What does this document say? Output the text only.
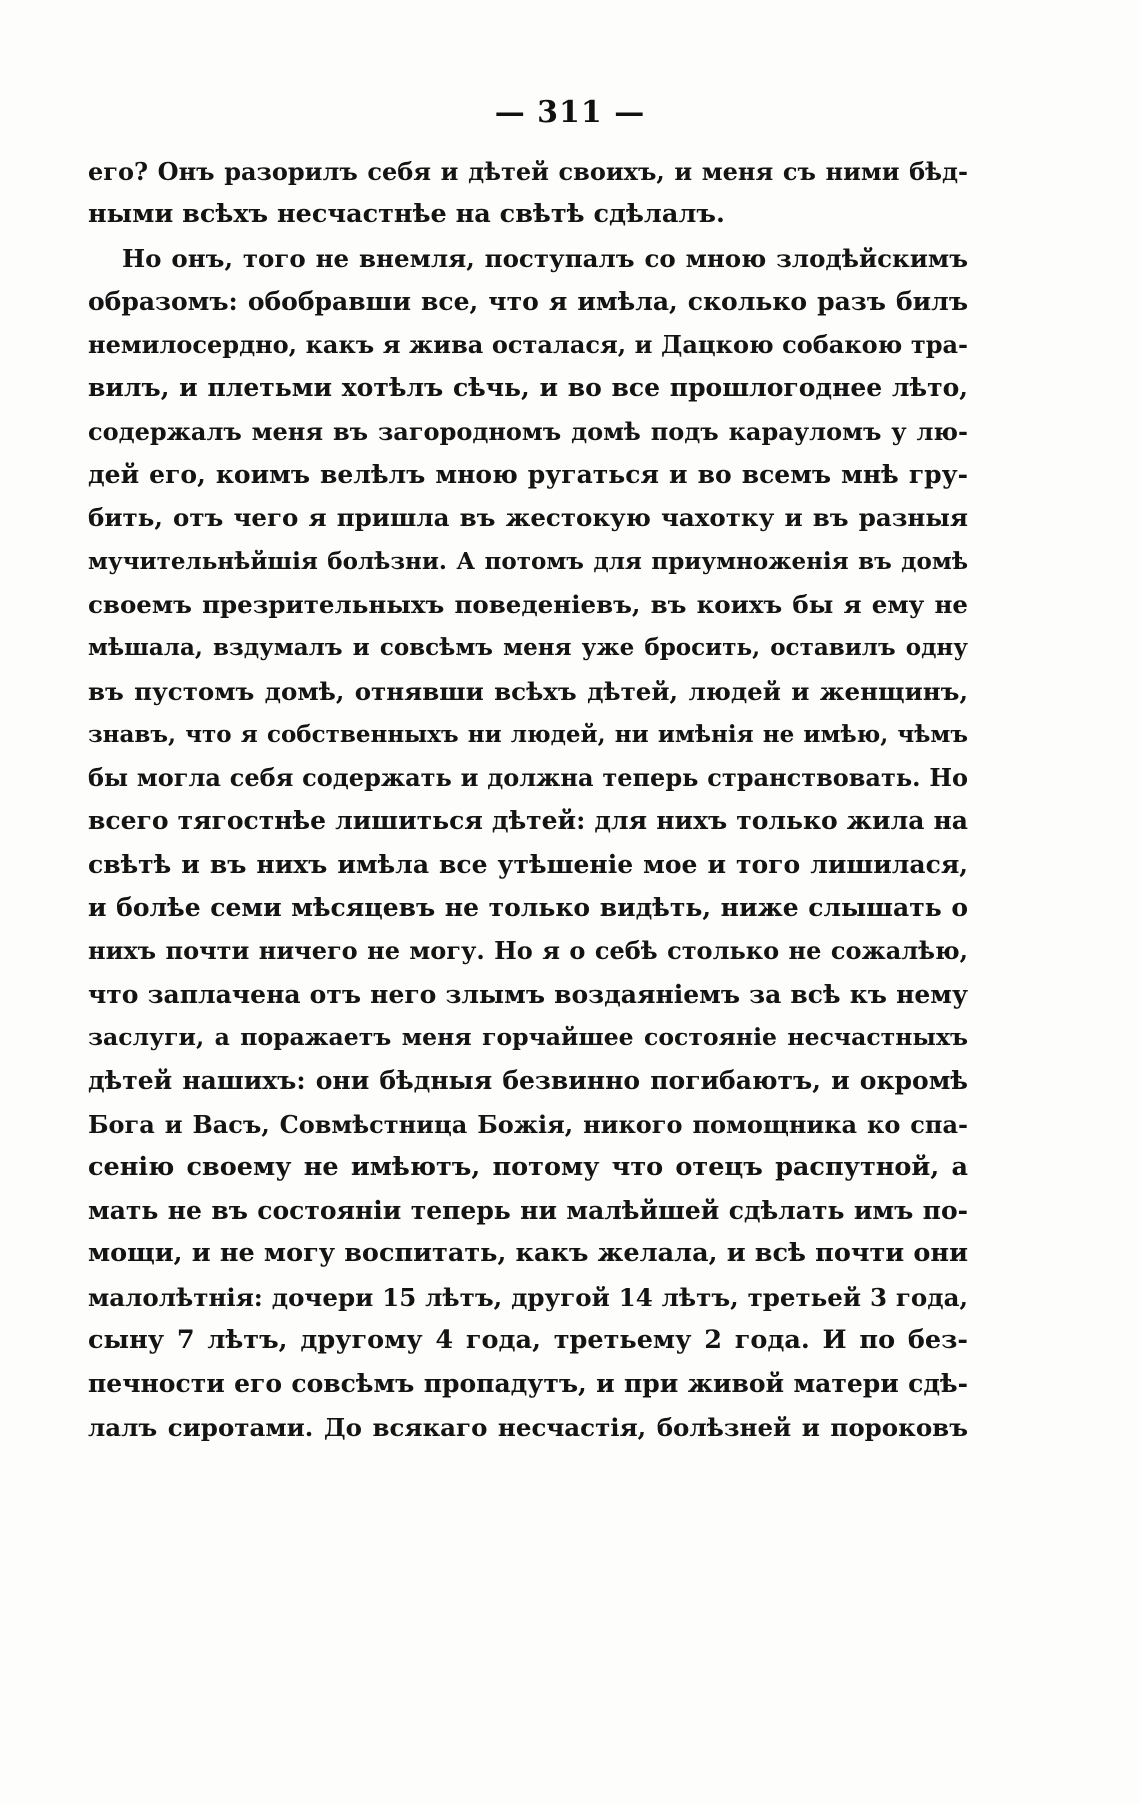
— 311 —
его? Онъ разорилъ себя и дѣтей своихъ, и меня съ ними бѣд-
ными всѣхъ несчастнѣе на свѣтѣ сдѣлалъ.
Но онъ, того не внемля, поступалъ со мною злодѣйскимъ
образомъ: обобравши все, что я имѣла, сколько разъ билъ
немилосердно, какъ я жива осталася, и Дацкою собакою тра-
вилъ, и плетьми хотѣлъ сѣчь, и во все прошлогоднее лѣто,
содержалъ меня въ загородномъ домѣ подъ карауломъ у лю-
дей его, коимъ велѣлъ мною ругаться и во всемъ мнѣ гру-
бить, отъ чего я пришла въ жестокую чахотку и въ разныя
мучительнѣйшія болѣзни. А потомъ для приумноженія въ домѣ
своемъ презрительныхъ поведеніевъ, въ коихъ бы я ему не
мѣшала, вздумалъ и совсѣмъ меня уже бросить, оставилъ одну
въ пустомъ домѣ, отнявши всѣхъ дѣтей, людей и женщинъ,
знавъ, что я собственныхъ ни людей, ни имѣнія не имѣю, чѣмъ
бы могла себя содержать и должна теперь странствовать. Но
всего тягостнѣе лишиться дѣтей: для нихъ только жила на
свѣтѣ и въ нихъ имѣла все утѣшеніе мое и того лишилася,
и болѣе семи мѣсяцевъ не только видѣть, ниже слышать о
нихъ почти ничего не могу. Но я о себѣ столько не сожалѣю,
что заплачена отъ него злымъ воздаяніемъ за всѣ къ нему
заслуги, а поражаетъ меня горчайшее состояніе несчастныхъ
дѣтей нашихъ: они бѣдныя безвинно погибаютъ, и окромѣ
Бога и Васъ, Совмѣстница Божія, никого помощника ко спа-
сенію своему не имѣютъ, потому что отецъ распутной, а
мать не въ состояніи теперь ни малѣйшей сдѣлать имъ по-
мощи, и не могу воспитать, какъ желала, и всѣ почти они
малолѣтнія: дочери 15 лѣтъ, другой 14 лѣтъ, третьей 3 года,
сыну 7 лѣтъ, другому 4 года, третьему 2 года. И по без-
печности его совсѣмъ пропадутъ, и при живой матери сдѣ-
лалъ сиротами. До всякаго несчастія, болѣзней и пороковъ
